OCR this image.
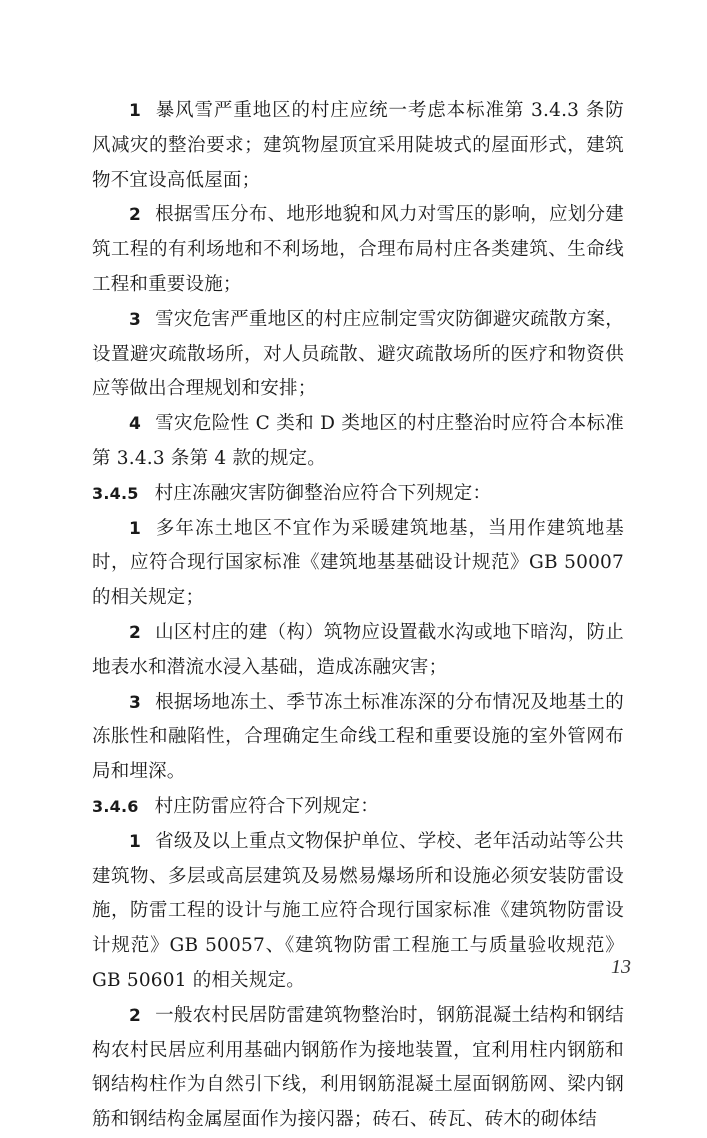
1 暴风雪严重地区的村庄应统一考虑本标准第 3.4.3 条防风减灾的整治要求；建筑物屋顶宜采用陡坡式的屋面形式，建筑物不宜设高低屋面；

2 根据雪压分布、地形地貌和风力对雪压的影响，应划分建筑工程的有利场地和不利场地，合理布局村庄各类建筑、生命线工程和重要设施；

3 雪灾危害严重地区的村庄应制定雪灾防御避灾疏散方案，设置避灾疏散场所，对人员疏散、避灾疏散场所的医疗和物资供应等做出合理规划和安排；

4 雪灾危险性 C 类和 D 类地区的村庄整治时应符合本标准第 3.4.3 条第 4 款的规定。

3.4.5 村庄冻融灾害防御整治应符合下列规定：

1 多年冻土地区不宜作为采暖建筑地基，当用作建筑地基时，应符合现行国家标准《建筑地基基础设计规范》GB 50007 的相关规定；

2 山区村庄的建（构）筑物应设置截水沟或地下暗沟，防止地表水和潜流水浸入基础，造成冻融灾害；

3 根据场地冻土、季节冻土标准冻深的分布情况及地基土的冻胀性和融陷性，合理确定生命线工程和重要设施的室外管网布局和埋深。

3.4.6 村庄防雷应符合下列规定：

1 省级及以上重点文物保护单位、学校、老年活动站等公共建筑物、多层或高层建筑及易燃易爆场所和设施必须安装防雷设施，防雷工程的设计与施工应符合现行国家标准《建筑物防雷设计规范》GB 50057、《建筑物防雷工程施工与质量验收规范》GB 50601 的相关规定。

2 一般农村民居防雷建筑物整治时，钢筋混凝土结构和钢结构农村民居应利用基础内钢筋作为接地装置，宜利用柱内钢筋和钢结构柱作为自然引下线，利用钢筋混凝土屋面钢筋网、梁内钢筋和钢结构金属屋面作为接闪器；砖石、砖瓦、砖木的砌体结

13
